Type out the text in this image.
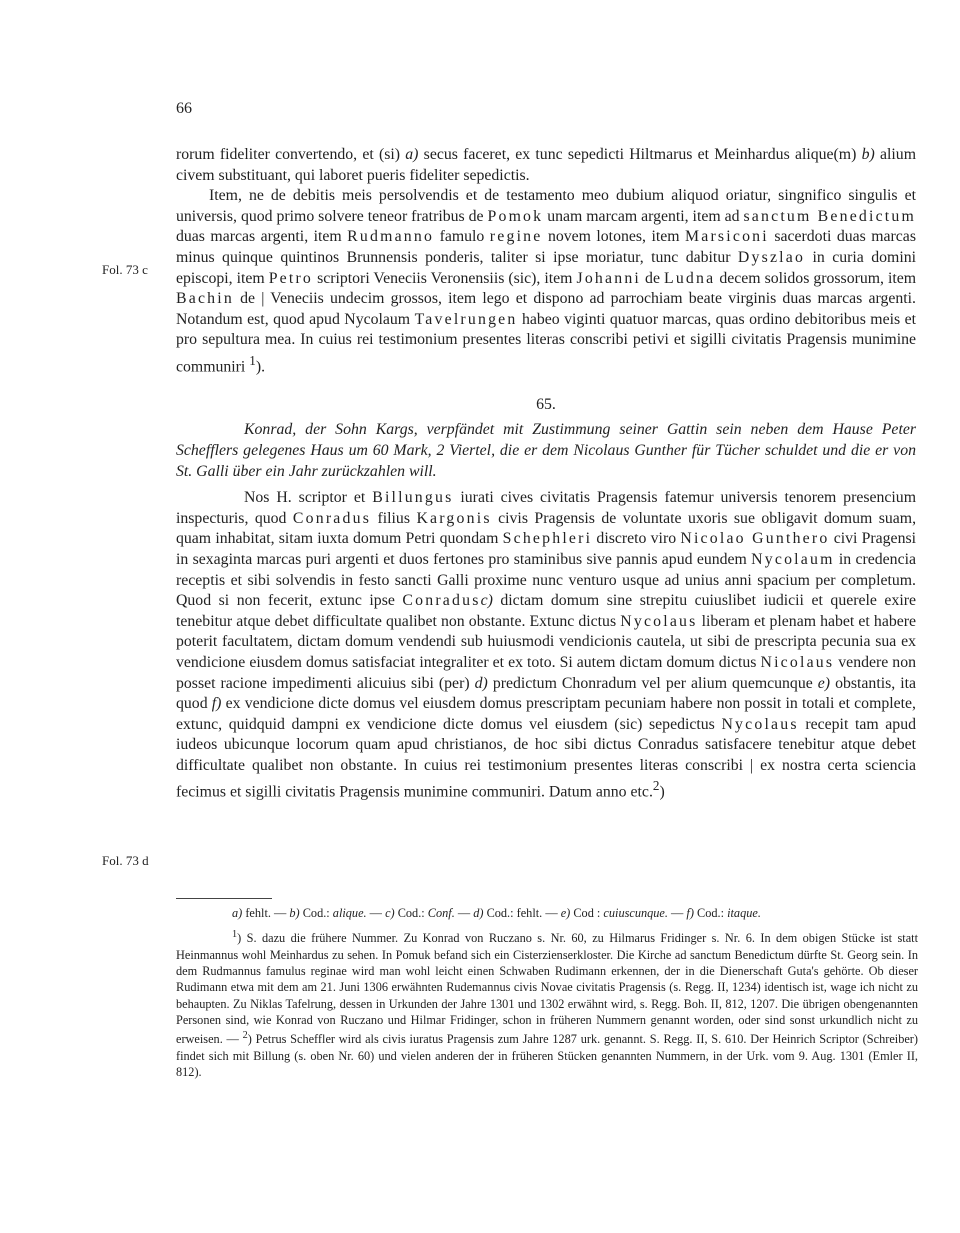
66
Fol. 73 c
Fol. 73 d

rorum fideliter convertendo, et (si) a) secus faceret, ex tunc sepedicti Hiltmarus et Meinhardus alique(m) b) alium civem substituant, qui laboret pueris fideliter sepedictis.

Item, ne de debitis meis persolvendis et de testamento meo dubium aliquod oriatur, singnifico singulis et universis, quod primo solvere teneor fratribus de Pomok unam marcam argenti, item ad sanctum Benedictum duas marcas argenti, item Rudmanno famulo regine novem lotones, item Marsiconi sacerdoti duas marcas minus quinque quintinos Brunnensis ponderis, taliter si ipse moriatur, tunc dabitur Dyszlao in curia domini episcopi, item Petro scriptori Veneciis Veronensiis (sic), item Johanni de Ludna decem solidos grossorum, item Bachin de | Veneciis undecim grossos, item lego et dispono ad parrochiam beate virginis duas marcas argenti. Notandum est, quod apud Nycolaum Tavelrungen habeo viginti quatuor marcas, quas ordino debitoribus meis et pro sepultura mea. In cuius rei testimonium presentes literas conscribi petivi et sigilli civitatis Pragensis munimine communiri $^1$).

65.

Konrad, der Sohn Kargs, verpfändet mit Zustimmung seiner Gattin sein neben dem Hause Peter Schefflers gelegenes Haus um 60 Mark, 2 Viertel, die er dem Nicolaus Gunther für Tücher schuldet und die er von St. Galli über ein Jahr zurückzahlen will.

Nos H. scriptor et Billungus iurati cives civitatis Pragensis fatemur universis tenorem presencium inspecturis, quod Conradus filius Kargonis civis Pragensis de voluntate uxoris sue obligavit domum suam, quam inhabitat, sitam iuxta domum Petri quondam Schephleri discreto viro Nicolao Gunthero civi Pragensi in sexaginta marcas puri argenti et duos fertones pro staminibus sive pannis apud eundem Nycolaum in credencia receptis et sibi solvendis in festo sancti Galli proxime nunc venturo usque ad unius anni spacium per completum. Quod si non fecerit, extunc ipse Conradusc) dictam domum sine strepitu cuiuslibet iudicii et querele exire tenebitur atque debet difficultate qualibet non obstante. Extunc dictus Nycolaus liberam et plenam habet et habere poterit facultatem, dictam domum vendendi sub huiusmodi vendicionis cautela, ut sibi de prescripta pecunia sua ex vendicione eiusdem domus satisfaciat integraliter et ex toto. Si autem dictam domum dictus Nicolaus vendere non posset racione impedimenti alicuius sibi (per) d) predictum Chonradum vel per alium quemcunque e) obstantis, ita quod f) ex vendicione dicte domus vel eiusdem domus prescriptam pecuniam habere non possit in totali et complete, extunc, quidquid dampni ex vendicione dicte domus vel eiusdem (sic) sepedictus Nycolaus recepit tam apud iudeos ubicunque locorum quam apud christianos, de hoc sibi dictus Conradus satisfacere tenebitur atque debet difficultate qualibet non obstante. In cuius rei testimonium presentes literas conscribi | ex nostra certa sciencia fecimus et sigilli civitatis Pragensis munimine communiri. Datum anno etc.$^2$)

a) fehlt. — b) Cod.: alique. — c) Cod.: Conf. — d) Cod.: fehlt. — e) Cod : cuiuscunque. — f) Cod.: itaque.

$^1$) S. dazu die frühere Nummer. Zu Konrad von Ruczano s. Nr. 60, zu Hilmarus Fridinger s. Nr. 6. In dem obigen Stücke ist statt Heinmannus wohl Meinhardus zu sehen. In Pomuk befand sich ein Cisterzienserkloster. Die Kirche ad sanctum Benedictum dürfte St. Georg sein. In dem Rudmannus famulus reginae wird man wohl leicht einen Schwaben Rudimann erkennen, der in die Dienerschaft Guta's gehörte. Ob dieser Rudimann etwa mit dem am 21. Juni 1306 erwähnten Rudemannus civis Novae civitatis Pragensis (s. Regg. II, 1234) identisch ist, wage ich nicht zu behaupten. Zu Niklas Tafelrung, dessen in Urkunden der Jahre 1301 und 1302 erwähnt wird, s. Regg. Boh. II, 812, 1207. Die übrigen obengenannten Personen sind, wie Konrad von Ruczano und Hilmar Fridinger, schon in früheren Nummern genannt worden, oder sind sonst urkundlich nicht zu erweisen. — $^2$) Petrus Scheffler wird als civis iuratus Pragensis zum Jahre 1287 urk. genannt. S. Regg. II, S. 610. Der Heinrich Scriptor (Schreiber) findet sich mit Billung (s. oben Nr. 60) und vielen anderen der in früheren Stücken genannten Nummern, in der Urk. vom 9. Aug. 1301 (Emler II, 812).
